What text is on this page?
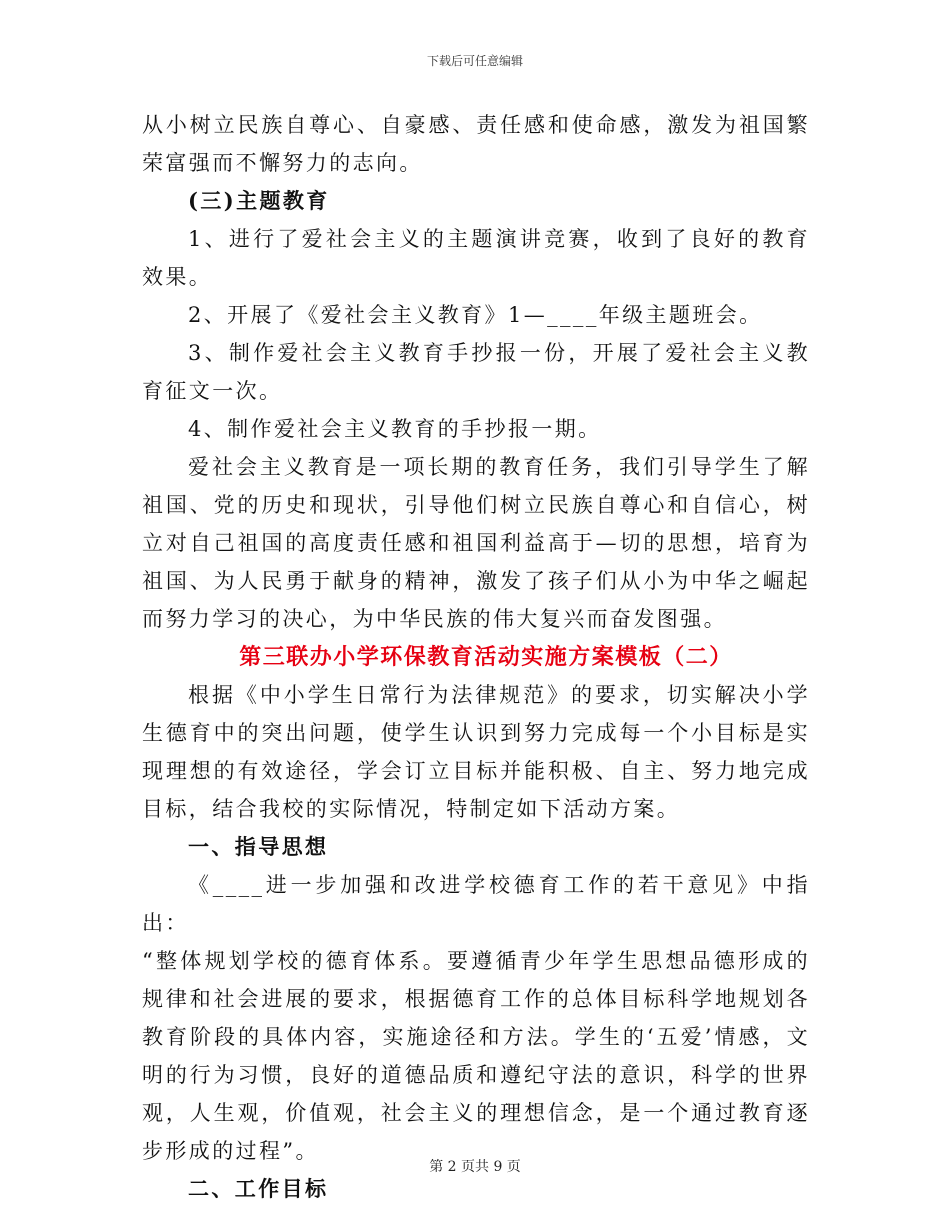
下载后可任意编辑

从小树立民族自尊心、自豪感、责任感和使命感，激发为祖国繁荣富强而不懈努力的志向。

(三)主题教育

1、进行了爱社会主义的主题演讲竞赛，收到了良好的教育效果。

2、开展了《爱社会主义教育》1—____年级主题班会。

3、制作爱社会主义教育手抄报一份，开展了爱社会主义教育征文一次。

4、制作爱社会主义教育的手抄报一期。

爱社会主义教育是一项长期的教育任务，我们引导学生了解祖国、党的历史和现状，引导他们树立民族自尊心和自信心，树立对自己祖国的高度责任感和祖国利益高于—切的思想，培育为祖国、为人民勇于献身的精神，激发了孩子们从小为中华之崛起而努力学习的决心，为中华民族的伟大复兴而奋发图强。

第三联办小学环保教育活动实施方案模板（二）

根据《中小学生日常行为法律规范》的要求，切实解决小学生德育中的突出问题，使学生认识到努力完成每一个小目标是实现理想的有效途径，学会订立目标并能积极、自主、努力地完成目标，结合我校的实际情况，特制定如下活动方案。

一、指导思想

《____进一步加强和改进学校德育工作的若干意见》中指出：

“整体规划学校的德育体系。要遵循青少年学生思想品德形成的规律和社会进展的要求，根据德育工作的总体目标科学地规划各教育阶段的具体内容，实施途径和方法。学生的‘五爱’情感，文明的行为习惯，良好的道德品质和遵纪守法的意识，科学的世界观，人生观，价值观，社会主义的理想信念，是一个通过教育逐步形成的过程”。

二、工作目标

第 2 页共 9 页
